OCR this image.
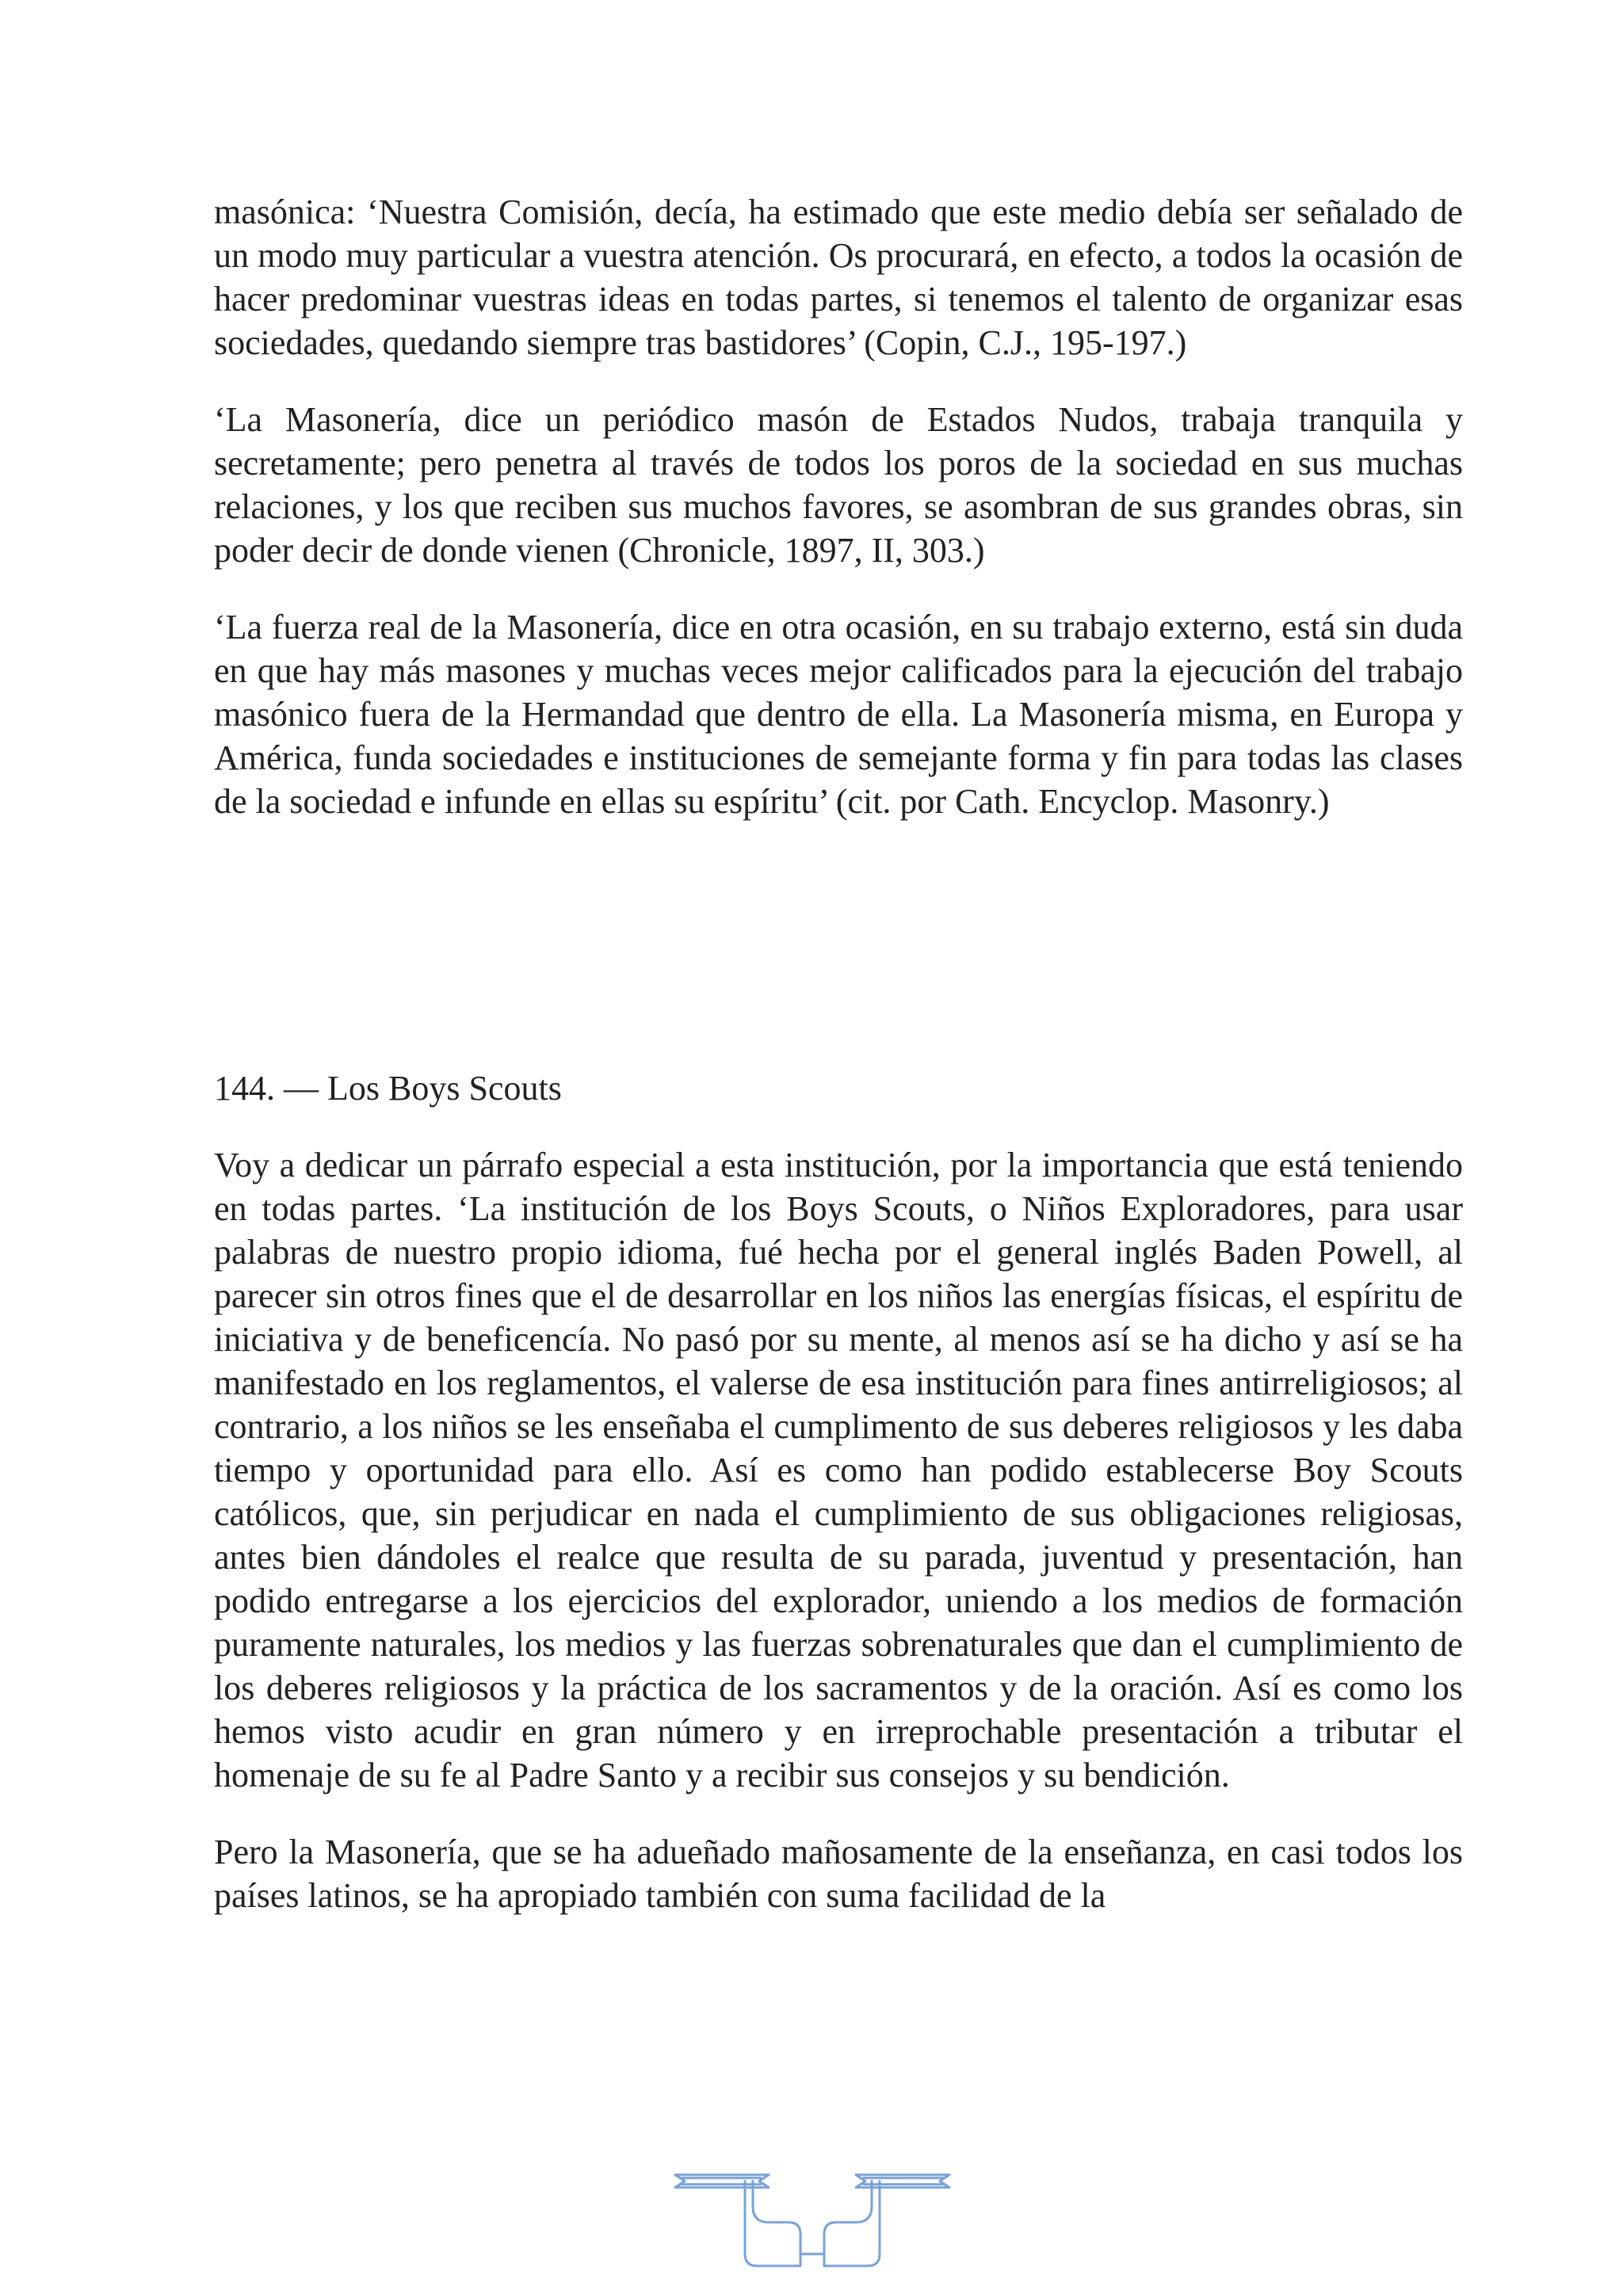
masónica: ‘Nuestra Comisión, decía, ha estimado que este medio debía ser señalado de un modo muy particular a vuestra atención. Os procurará, en efecto, a todos la ocasión de hacer predominar vuestras ideas en todas partes, si tenemos el talento de organizar esas sociedades, quedando siempre tras bastidores’ (Copin, C.J., 195-197.)

‘La Masonería, dice un periódico masón de Estados Nudos, trabaja tranquila y secretamente; pero penetra al través de todos los poros de la sociedad en sus muchas relaciones, y los que reciben sus muchos favores, se asombran de sus grandes obras, sin poder decir de donde vienen (Chronicle, 1897, II, 303.)

‘La fuerza real de la Masonería, dice en otra ocasión, en su trabajo externo, está sin duda en que hay más masones y muchas veces mejor calificados para la ejecución del trabajo masónico fuera de la Hermandad que dentro de ella. La Masonería misma, en Europa y América, funda sociedades e instituciones de semejante forma y fin para todas las clases de la sociedad e infunde en ellas su espíritu’ (cit. por Cath. Encyclop. Masonry.)

144. — Los Boys Scouts

Voy a dedicar un párrafo especial a esta institución, por la importancia que está teniendo en todas partes. ‘La institución de los Boys Scouts, o Niños Exploradores, para usar palabras de nuestro propio idioma, fué hecha por el general inglés Baden Powell, al parecer sin otros fines que el de desarrollar en los niños las energías físicas, el espíritu de iniciativa y de beneficencía. No pasó por su mente, al menos así se ha dicho y así se ha manifestado en los reglamentos, el valerse de esa institución para fines antirreligiosos; al contrario, a los niños se les enseñaba el cumplimento de sus deberes religiosos y les daba tiempo y oportunidad para ello. Así es como han podido establecerse Boy Scouts católicos, que, sin perjudicar en nada el cumplimiento de sus obligaciones religiosas, antes bien dándoles el realce que resulta de su parada, juventud y presentación, han podido entregarse a los ejercicios del explorador, uniendo a los medios de formación puramente naturales, los medios y las fuerzas sobrenaturales que dan el cumplimiento de los deberes religiosos y la práctica de los sacramentos y de la oración. Así es como los hemos visto acudir en gran número y en irreprochable presentación a tributar el homenaje de su fe al Padre Santo y a recibir sus consejos y su bendición.

Pero la Masonería, que se ha adueñado mañosamente de la enseñanza, en casi todos los países latinos, se ha apropiado también con suma facilidad de la
